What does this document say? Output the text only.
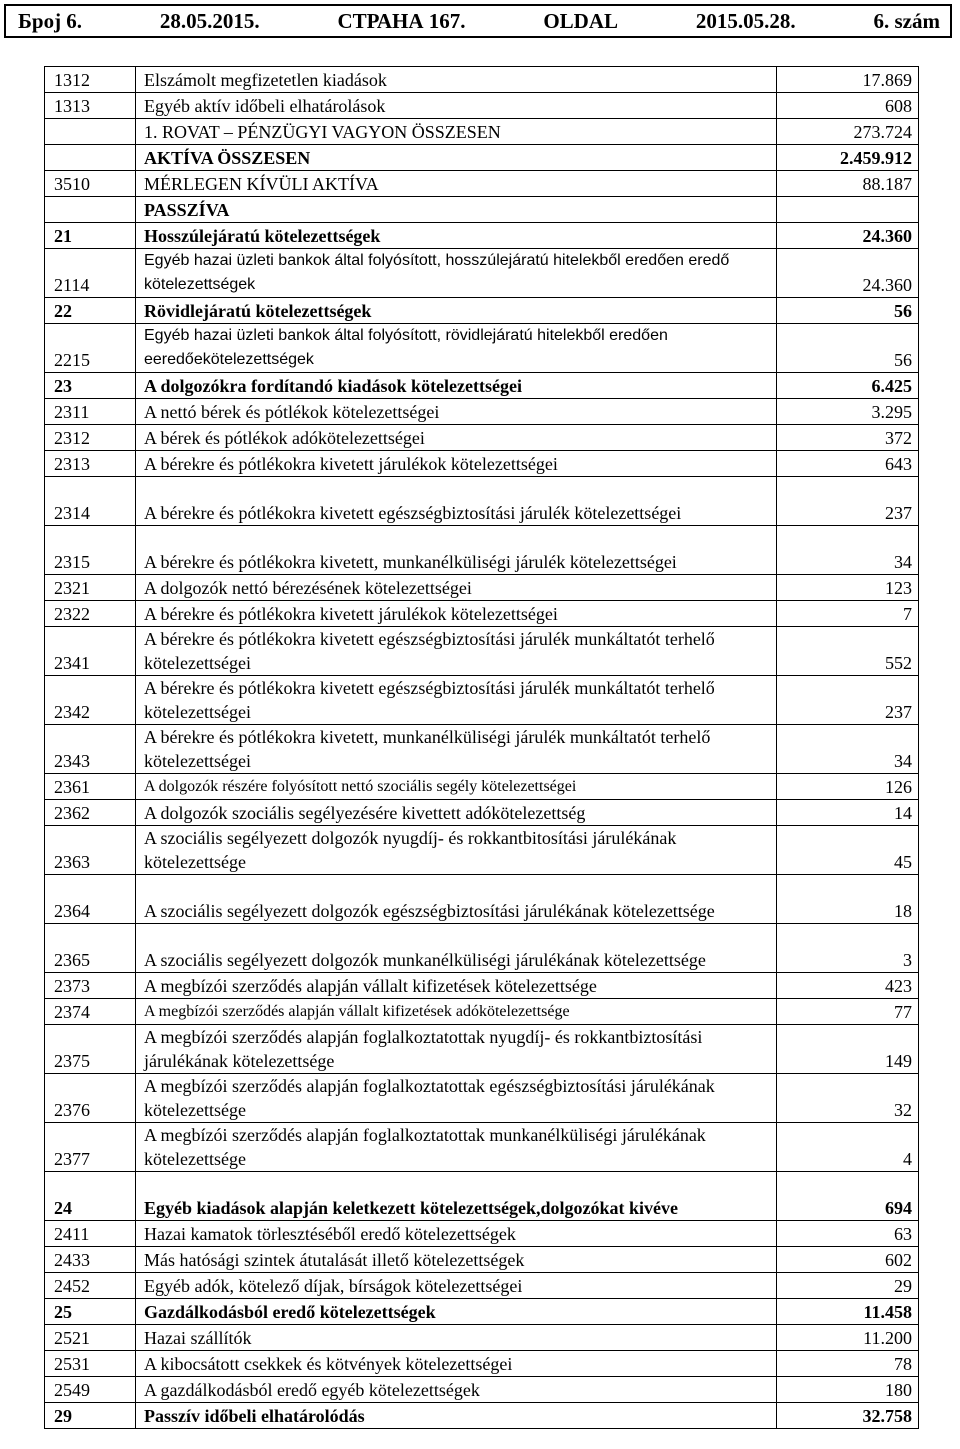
Број 6.	28.05.2015.	СТРАНА 167.	OLDAL	2015.05.28.	6. szám
1312	Elszámolt megfizetetlen kiadások	17.869
1313	Egyéb aktív időbeli elhatárolások	608
	1. ROVAT – PÉNZÜGYI VAGYON ÖSSZESEN	273.724
	AKTÍVA ÖSSZESEN	2.459.912
3510	MÉRLEGEN KÍVÜLI AKTÍVA	88.187
	PASSZÍVA	
21	Hosszúlejáratú kötelezettségek	24.360
2114	Egyéb hazai üzleti bankok által folyósított, hosszúlejáratú hitelekből eredően eredő kötelezettségek	24.360
22	Rövidlejáratú kötelezettségek	56
2215	Egyéb hazai üzleti bankok által folyósított, rövidlejáratú hitelekből eredően eeredőekötelezettségek	56
23	A dolgozókra fordítandó kiadások kötelezettségei	6.425
2311	A nettó bérek és pótlékok kötelezettségei	3.295
2312	A bérek és pótlékok adókötelezettségei	372
2313	A bérekre és pótlékokra kivetett járulékok kötelezettségei	643
2314	A bérekre és pótlékokra kivetett egészségbiztosítási járulék kötelezettségei	237
2315	A bérekre és pótlékokra kivetett, munkanélküliségi járulék kötelezettségei	34
2321	A dolgozók nettó bérezésének kötelezettségei	123
2322	A bérekre és pótlékokra kivetett járulékok kötelezettségei	7
2341	A bérekre és pótlékokra kivetett egészségbiztosítási járulék munkáltatót terhelő kötelezettségei	552
2342	A bérekre és pótlékokra kivetett egészségbiztosítási járulék munkáltatót terhelő kötelezettségei	237
2343	A bérekre és pótlékokra kivetett, munkanélküliségi járulék munkáltatót terhelő kötelezettségei	34
2361	A dolgozók részére folyósított nettó szociális segély kötelezettségei	126
2362	A dolgozók szociális segélyezésére kivettett adókötelezettség	14
2363	A szociális segélyezett dolgozók nyugdíj- és rokkantbitosítási járulékának kötelezettsége	45
2364	A szociális segélyezett dolgozók egészségbiztosítási járulékának kötelezettsége	18
2365	A szociális segélyezett dolgozók munkanélküliségi járulékának kötelezettsége	3
2373	A megbízói szerződés alapján vállalt kifizetések kötelezettsége	423
2374	A megbízói szerződés alapján vállalt kifizetések adókötelezettsége	77
2375	A megbízói szerződés alapján foglalkoztatottak nyugdíj- és rokkantbiztosítási járulékának kötelezettsége	149
2376	A megbízói szerződés alapján foglalkoztatottak egészségbiztosítási járulékának kötelezettsége	32
2377	A megbízói szerződés alapján foglalkoztatottak munkanélküliségi járulékának kötelezettsége	4
24	Egyéb kiadások alapján keletkezett kötelezettségek,dolgozókat kivéve	694
2411	Hazai kamatok törlesztéséből eredő kötelezettségek	63
2433	Más hatósági szintek átutalását illető kötelezettségek	602
2452	Egyéb adók, kötelező díjak, bírságok kötelezettségei	29
25	Gazdálkodásból eredő kötelezettségek	11.458
2521	Hazai szállítók	11.200
2531	A kibocsátott csekkek és kötvények kötelezettségei	78
2549	A gazdálkodásból eredő egyéb kötelezettségek	180
29	Passzív időbeli elhatárolódás	32.758
